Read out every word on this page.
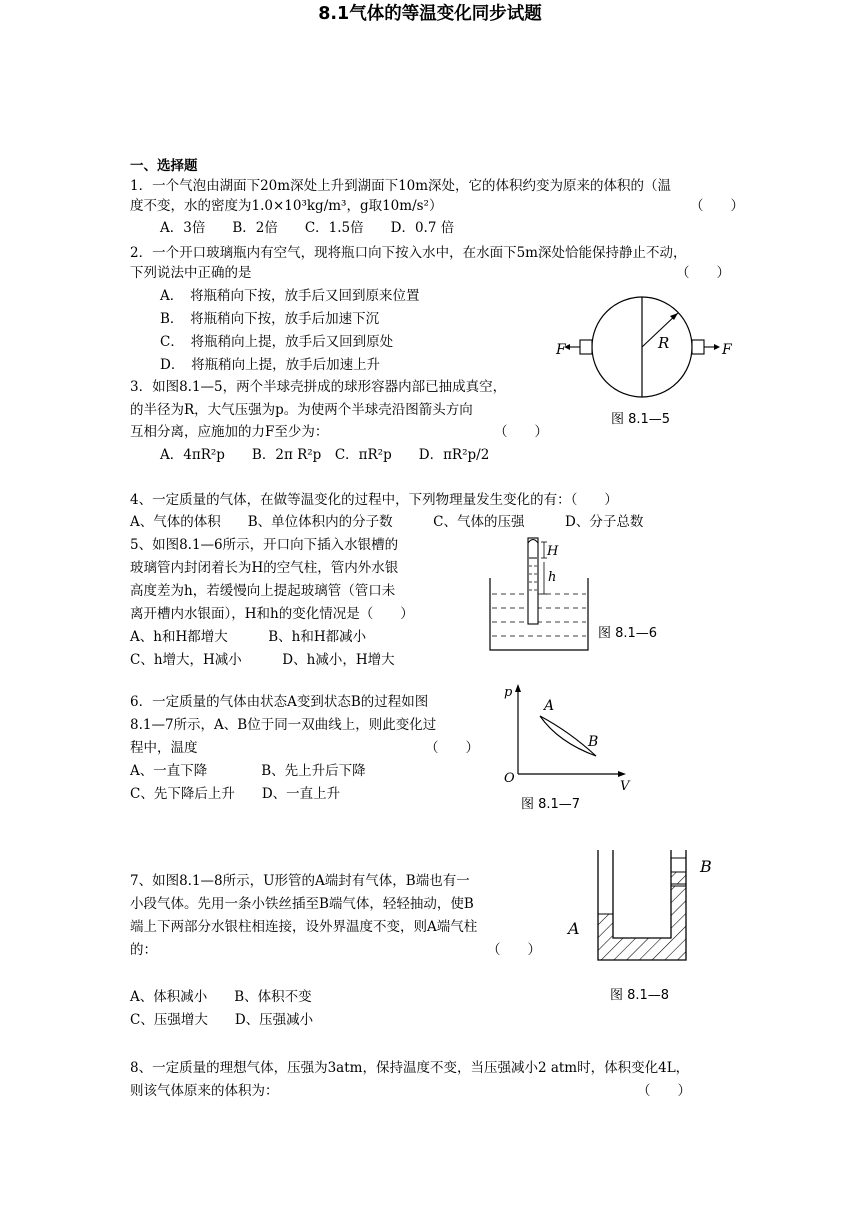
8.1气体的等温变化同步试题
一、选择题
1．一个气泡由湖面下20m深处上升到湖面下10m深处，它的体积约变为原来的体积的（温
度不变，水的密度为1.0×10³kg/m³，g取10m/s²）	（　　）
A．3倍　　B．2倍　　C．1.5倍　　D．0.7 倍
2．一个开口玻璃瓶内有空气，现将瓶口向下按入水中，在水面下5m深处恰能保持静止不动，
下列说法中正确的是	（　　）
A．　将瓶稍向下按，放手后又回到原来位置
B．　将瓶稍向下按，放手后加速下沉
C．　将瓶稍向上提，放手后又回到原处
D．　将瓶稍向上提，放手后加速上升
3．如图8.1—5，两个半球壳拼成的球形容器内部已抽成真空，
的半径为R，大气压强为p。为使两个半球壳沿图箭头方向
互相分离，应施加的力F至少为：	（　　）
A．4πR²p　　B．2π R²p　C．πR²p　　D．πR²p/2
F	F
R
图 8.1—5
4、一定质量的气体，在做等温变化的过程中，下列物理量发生变化的有：（　　）
A、气体的体积　　B、单位体积内的分子数　　　C、气体的压强　　　D、分子总数
5、如图8.1—6所示，开口向下插入水银槽的
玻璃管内封闭着长为H的空气柱，管内外水银
高度差为h，若缓慢向上提起玻璃管（管口未
离开槽内水银面），H和h的变化情况是（　　）
A、h和H都增大　　　B、h和H都减小
C、h增大，H减小　　　D、h减小，H增大
H
h
图 8.1—6
6．一定质量的气体由状态A变到状态B的过程如图
8.1—7所示，A、B位于同一双曲线上，则此变化过
程中，温度	（　　）
A、一直下降　　　　B、先上升后下降
C、先下降后上升　　D、一直上升
p
V
O
A
B
图 8.1—7
7、如图8.1—8所示，U形管的A端封有气体，B端也有一
小段气体。先用一条小铁丝插至B端气体，轻轻抽动，使B
端上下两部分水银柱相连接，设外界温度不变，则A端气柱
的：	（　　）
A、体积减小　　B、体积不变
C、压强增大　　D、压强减小
A
B
图 8.1—8
8、一定质量的理想气体，压强为3atm，保持温度不变，当压强减小2 atm时，体积变化4L，
则该气体原来的体积为：	（　　）
